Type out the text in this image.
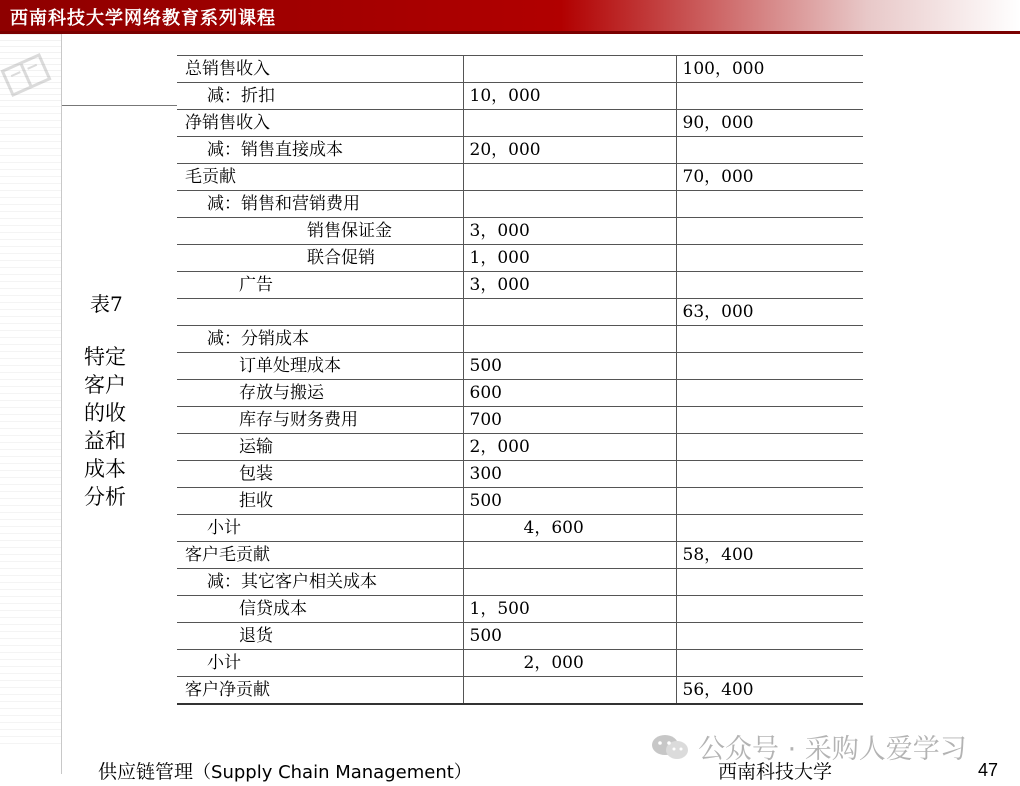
西南科技大学网络教育系列课程
表7
特定
客户
的收
益和
成本
分析
总销售收入		100，000
减：折扣	10，000	
净销售收入		90，000
减：销售直接成本	20，000	
毛贡献		70，000
减：销售和营销费用		
销售保证金	3，000	
联合促销	1，000	
广告	3，000	
		63，000
减：分销成本		
订单处理成本	500	
存放与搬运	600	
库存与财务费用	700	
运输	2，000	
包装	300	
拒收	500	
小计	4，600	
客户毛贡献		58，400
减：其它客户相关成本		
信贷成本	1，500	
退货	500	
小计	2，000	
客户净贡献		56，400
供应链管理（Supply Chain Management）	西南科技大学	47
公众号 · 采购人爱学习
